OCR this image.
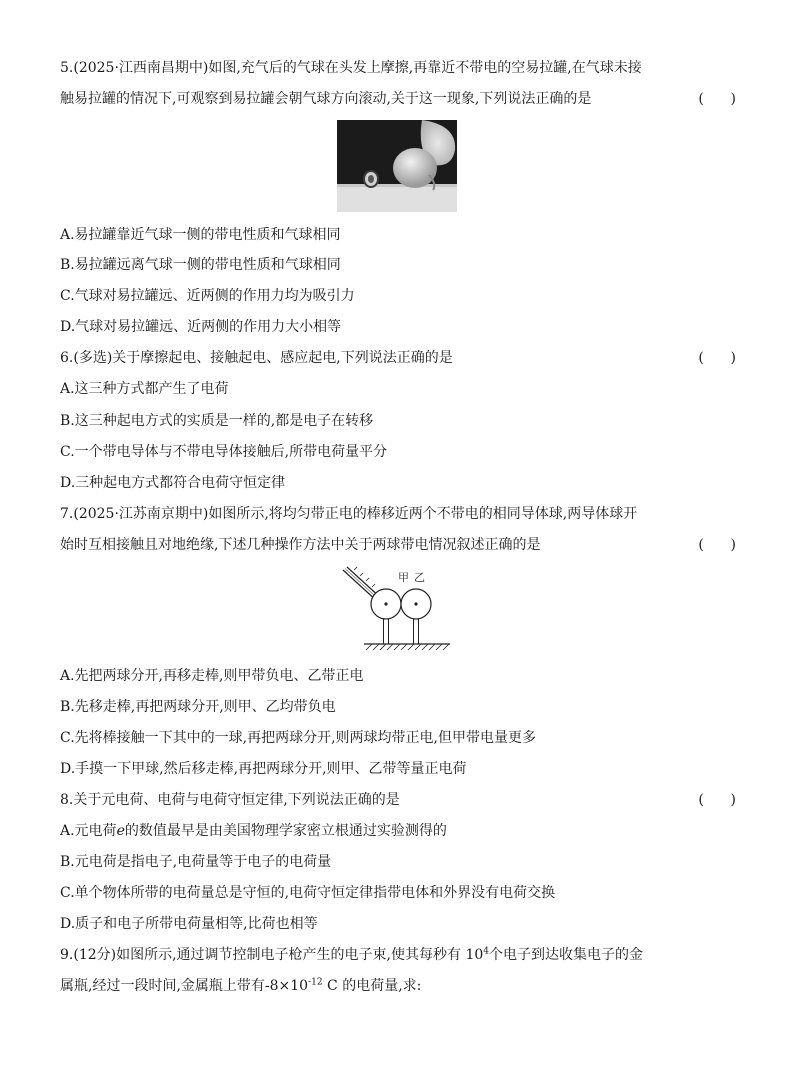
5.(2025·江西南昌期中)如图,充气后的气球在头发上摩擦,再靠近不带电的空易拉罐,在气球未接
触易拉罐的情况下,可观察到易拉罐会朝气球方向滚动,关于这一现象,下列说法正确的是	(      )
A.易拉罐靠近气球一侧的带电性质和气球相同
B.易拉罐远离气球一侧的带电性质和气球相同
C.气球对易拉罐远、近两侧的作用力均为吸引力
D.气球对易拉罐远、近两侧的作用力大小相等
6.(多选)关于摩擦起电、接触起电、感应起电,下列说法正确的是	(      )
A.这三种方式都产生了电荷
B.这三种起电方式的实质是一样的,都是电子在转移
C.一个带电导体与不带电导体接触后,所带电荷量平分
D.三种起电方式都符合电荷守恒定律
7.(2025·江苏南京期中)如图所示,将均匀带正电的棒移近两个不带电的相同导体球,两导体球开
始时互相接触且对地绝缘,下述几种操作方法中关于两球带电情况叙述正确的是	(      )
甲 乙
A.先把两球分开,再移走棒,则甲带负电、乙带正电
B.先移走棒,再把两球分开,则甲、乙均带负电
C.先将棒接触一下其中的一球,再把两球分开,则两球均带正电,但甲带电量更多
D.手摸一下甲球,然后移走棒,再把两球分开,则甲、乙带等量正电荷
8.关于元电荷、电荷与电荷守恒定律,下列说法正确的是	(      )
A.元电荷e的数值最早是由美国物理学家密立根通过实验测得的
B.元电荷是指电子,电荷量等于电子的电荷量
C.单个物体所带的电荷量总是守恒的,电荷守恒定律指带电体和外界没有电荷交换
D.质子和电子所带电荷量相等,比荷也相等
9.(12分)如图所示,通过调节控制电子枪产生的电子束,使其每秒有 $10^4$个电子到达收集电子的金
属瓶,经过一段时间,金属瓶上带有$-8\times 10^{-12}$ C 的电荷量,求:
